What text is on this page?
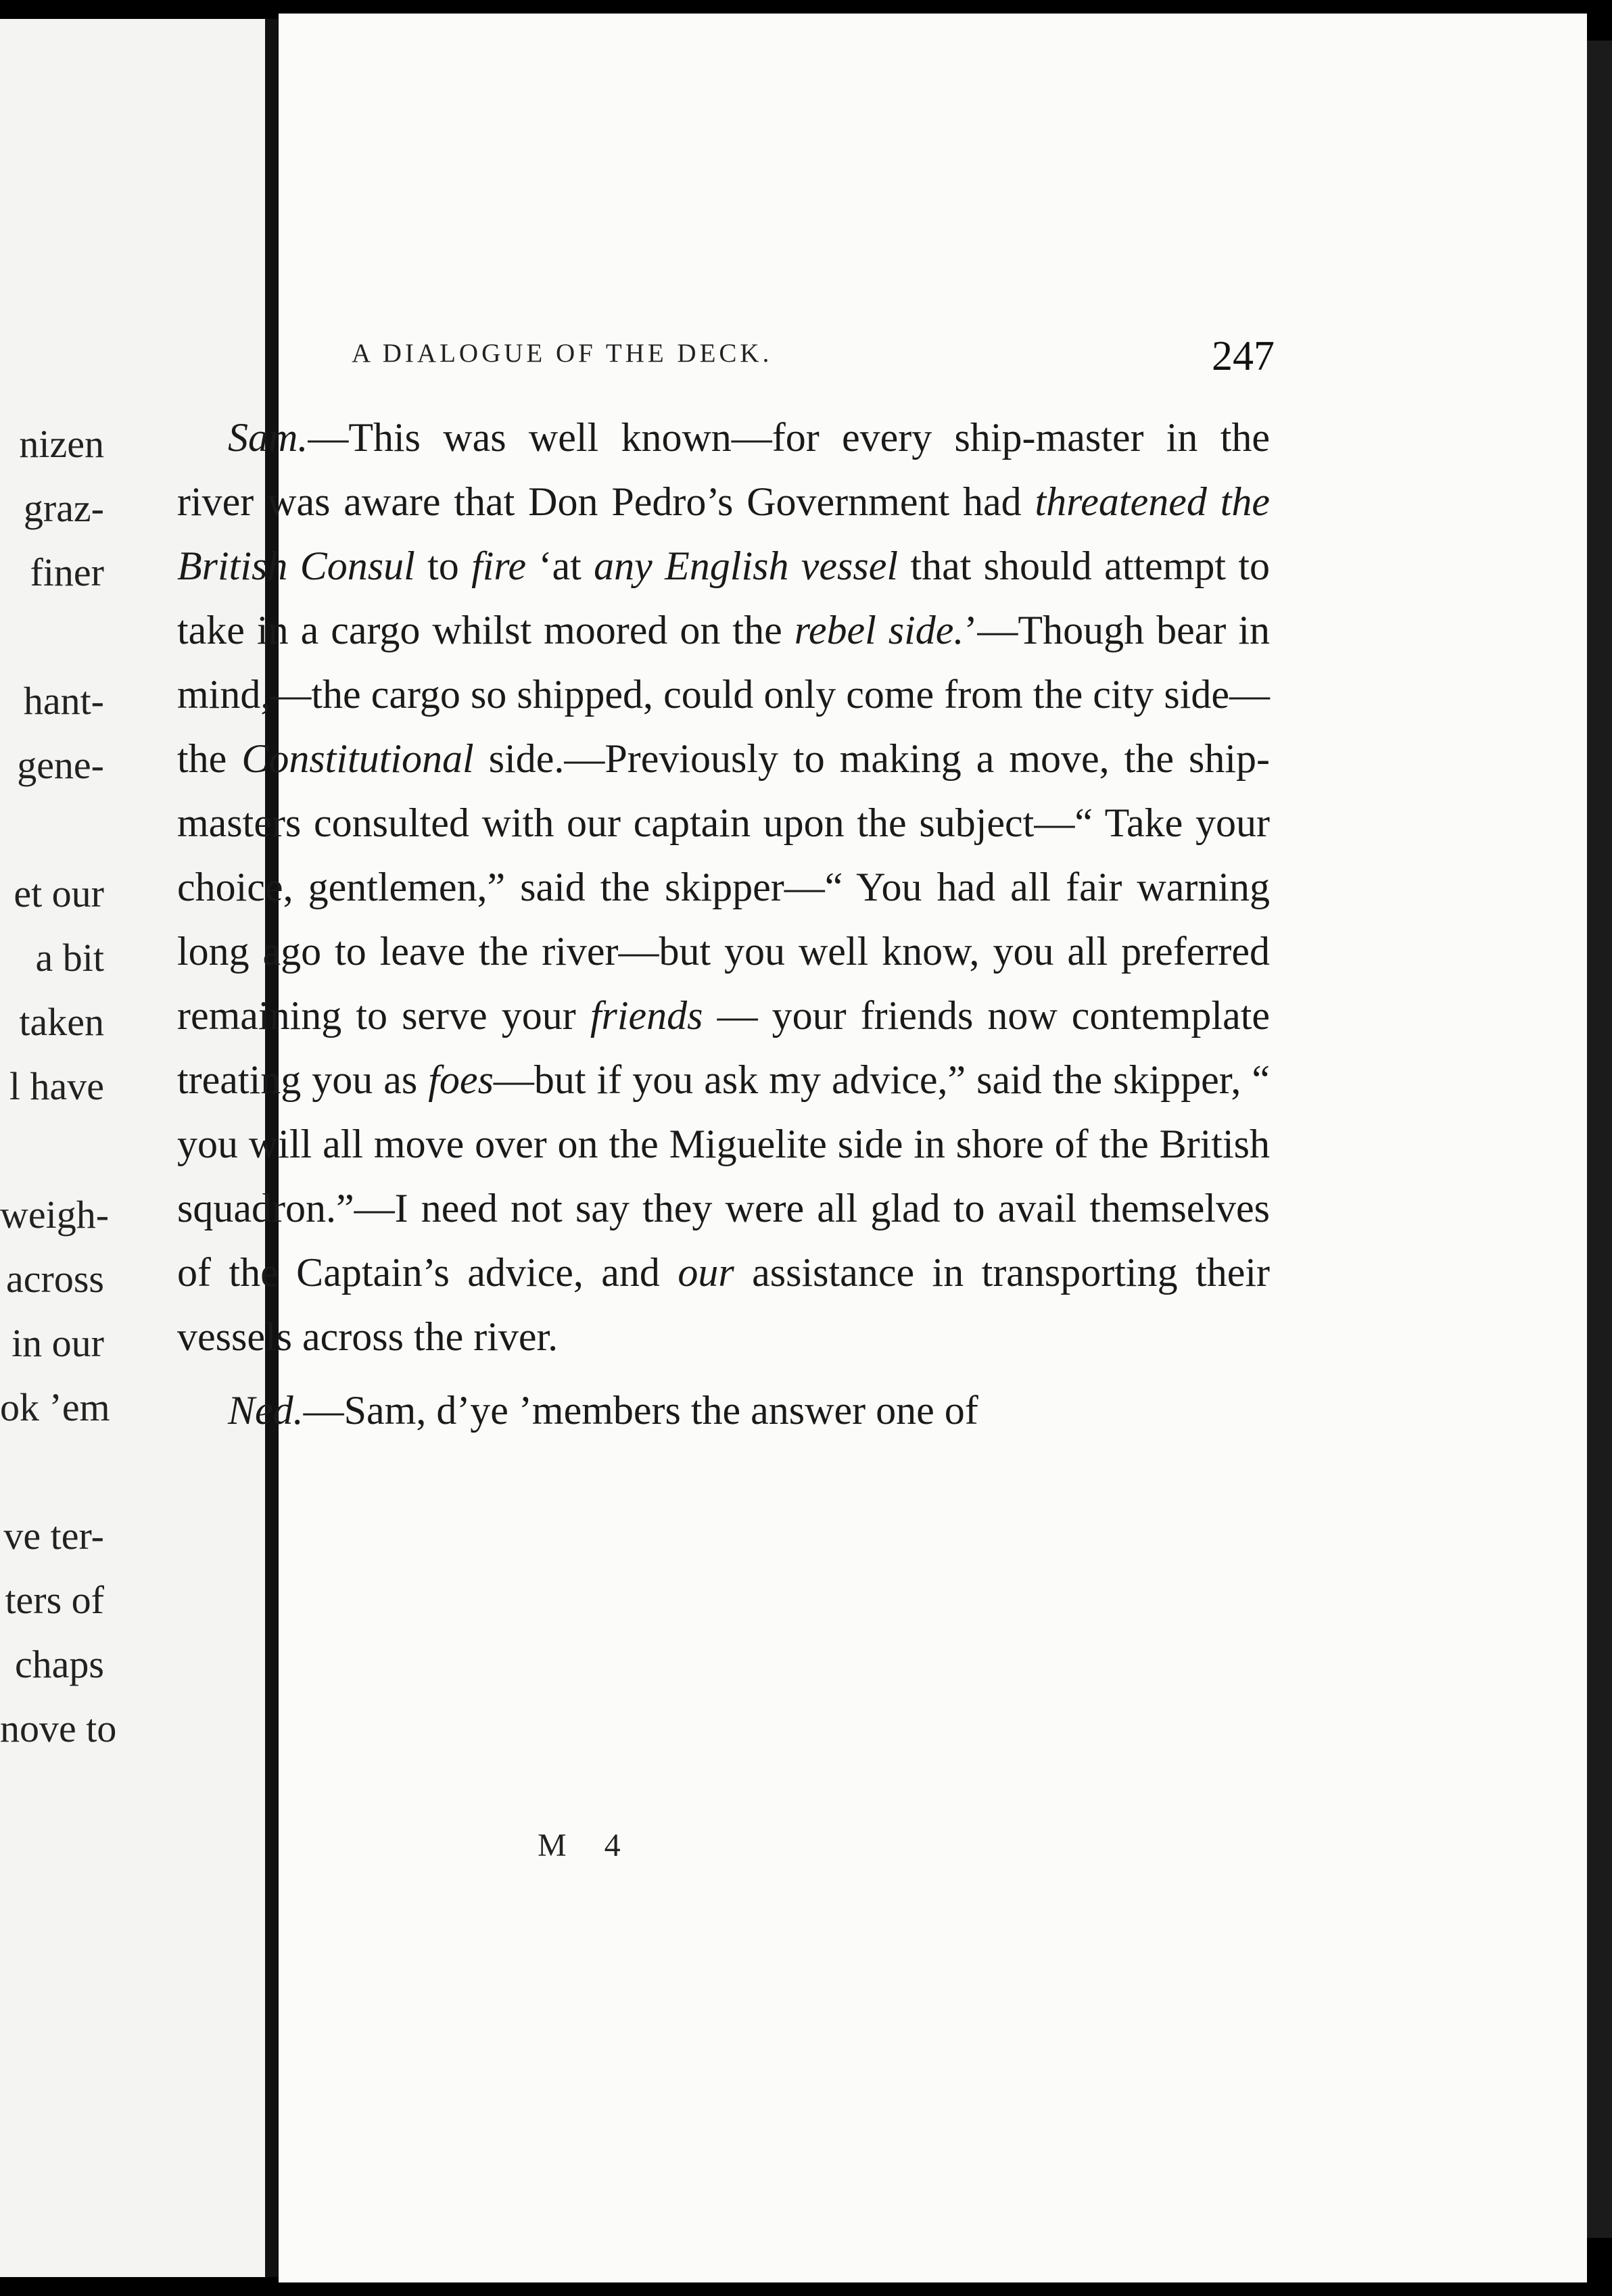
nizen
graz-
finer
hant-
gene-
et our
a bit
taken
l have
weigh-
across
in our
ok ’em
ve ter-
ters of
chaps
nove to
A DIALOGUE OF THE DECK.	247

Sam.—This was well known—for every ship-master in the river was aware that Don Pedro’s Government had threatened the British Consul to fire ‘at any English vessel that should attempt to take in a cargo whilst moored on the rebel side.’—Though bear in mind,—the cargo so shipped, could only come from the city side—the Constitutional side.—Previously to making a move, the ship-masters consulted with our captain upon the subject—“ Take your choice, gentlemen,” said the skipper—“ You had all fair warning long ago to leave the river—but you well know, you all preferred remaining to serve your friends — your friends now contemplate treating you as foes—but if you ask my advice,” said the skipper, “ you will all move over on the Miguelite side in shore of the British squadron.”—I need not say they were all glad to avail themselves of the Captain’s advice, and our assistance in transporting their vessels across the river.

Ned.—Sam, d’ye ’members the answer one of

M 4
